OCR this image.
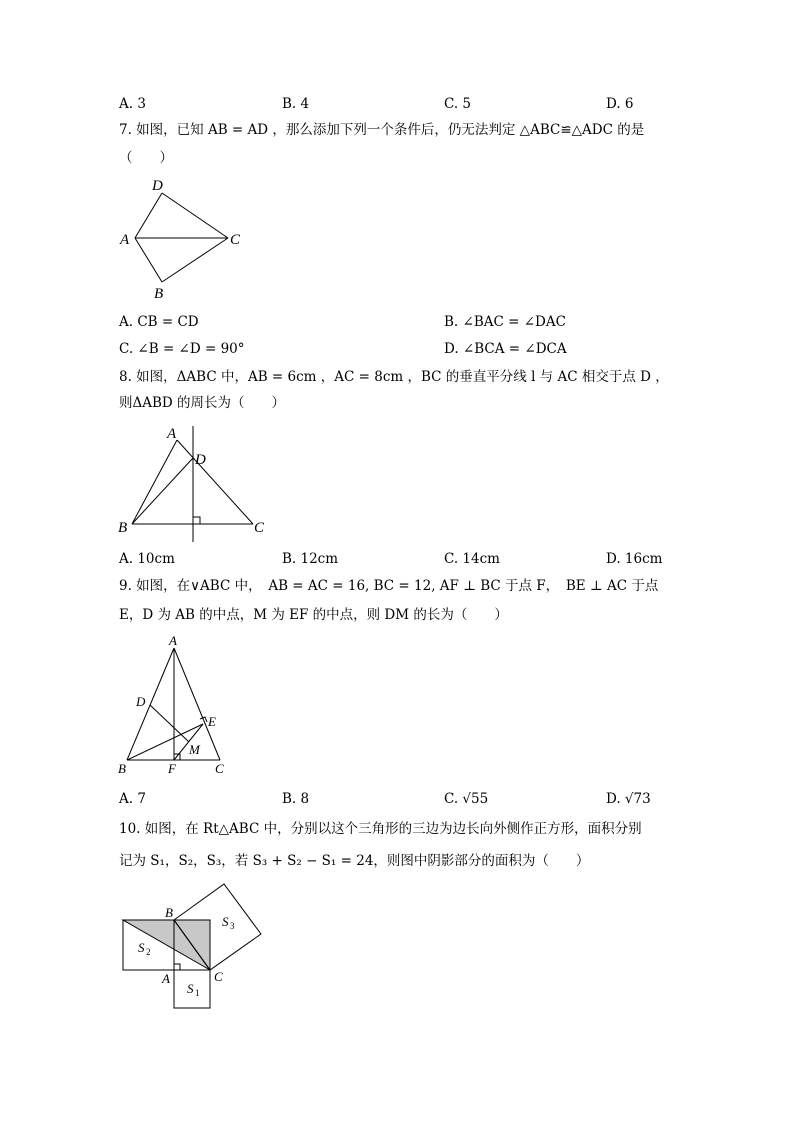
A. 3	B. 4	C. 5	D. 6
7. 如图，已知 AB = AD ，那么添加下列一个条件后，仍无法判定 △ABC≌△ADC 的是
（　　）
D
A	C
B
A. CB = CD	B. ∠BAC = ∠DAC
C. ∠B = ∠D = 90°	D. ∠BCA = ∠DCA
8. 如图，ΔABC 中，AB = 6cm ，AC = 8cm ，BC 的垂直平分线 l 与 AC 相交于点 D ，
则ΔABD 的周长为（　　）
A
D
B	C
A. 10cm	B. 12cm	C. 14cm	D. 16cm
9. 如图，在∨ABC 中，　AB = AC = 16, BC = 12, AF ⊥ BC 于点 F，　BE ⊥ AC 于点
E，D 为 AB 的中点，M 为 EF 的中点，则 DM 的长为（　　）
A
D
E
M
B	F	C
A. 7	B. 8	C. √55	D. √73
10. 如图，在 Rt△ABC 中，分别以这个三角形的三边为边长向外侧作正方形，面积分别
记为 S₁，S₂，S₃，若 S₃ + S₂ − S₁ = 24，则图中阴影部分的面积为（　　）
B
S 2
S 3
A	C
S 1
